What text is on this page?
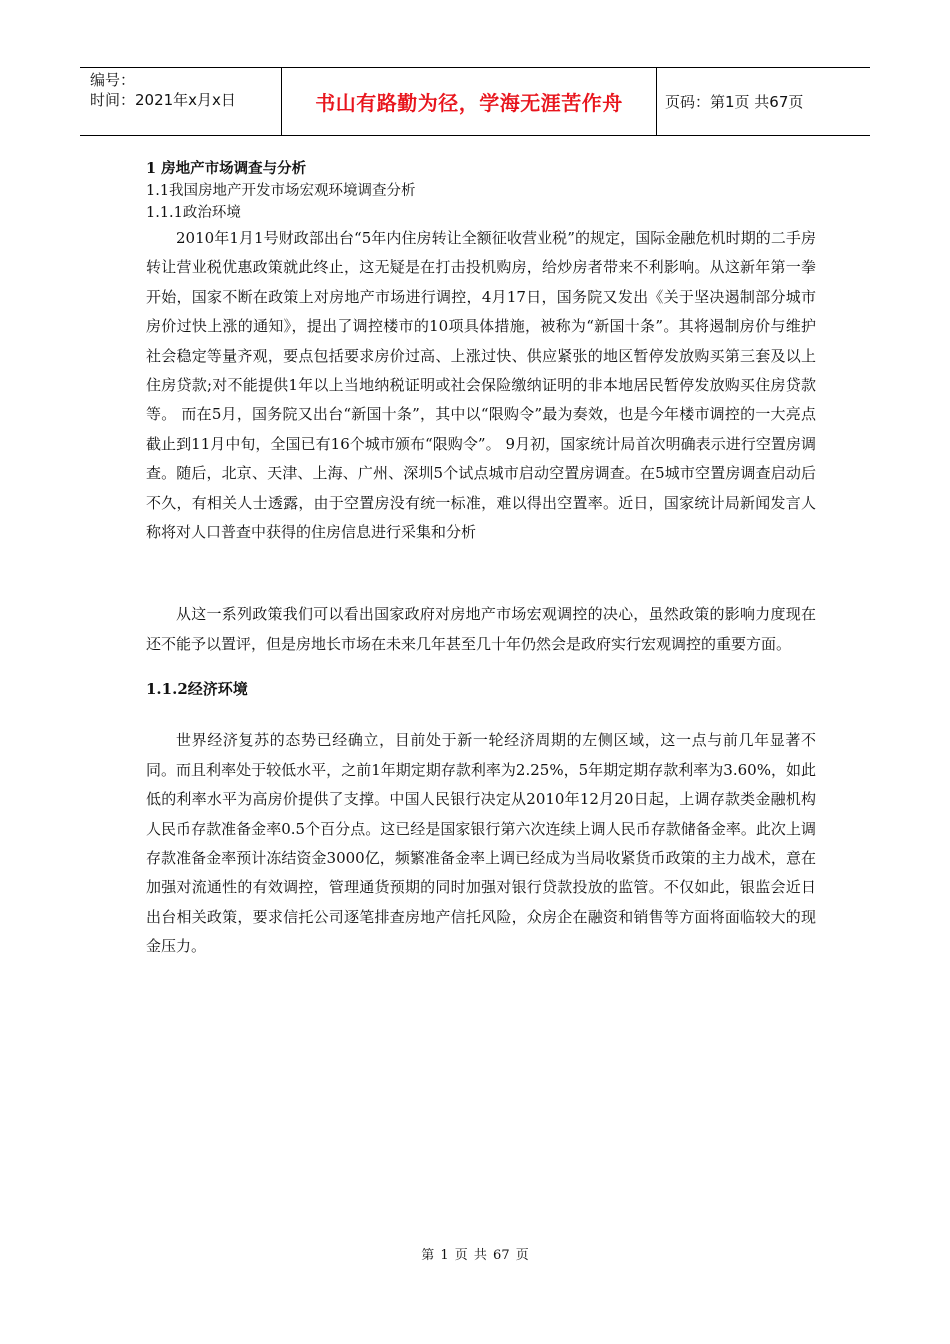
编号：
时间：2021年x月x日	书山有路勤为径，学海无涯苦作舟	页码：第1页 共67页

1 房地产市场调查与分析

1.1我国房地产开发市场宏观环境调查分析

1.1.1政治环境

2010年1月1号财政部出台“5年内住房转让全额征收营业税”的规定，国际金融危机时期的二手房转让营业税优惠政策就此终止，这无疑是在打击投机购房，给炒房者带来不利影响。从这新年第一拳开始，国家不断在政策上对房地产市场进行调控，4月17日，国务院又发出《关于坚决遏制部分城市房价过快上涨的通知》，提出了调控楼市的10项具体措施，被称为“新国十条”。其将遏制房价与维护社会稳定等量齐观，要点包括要求房价过高、上涨过快、供应紧张的地区暂停发放购买第三套及以上住房贷款;对不能提供1年以上当地纳税证明或社会保险缴纳证明的非本地居民暂停发放购买住房贷款等。 而在5月，国务院又出台“新国十条”，其中以“限购令”最为奏效，也是今年楼市调控的一大亮点截止到11月中旬，全国已有16个城市颁布“限购令”。 9月初，国家统计局首次明确表示进行空置房调查。随后，北京、天津、上海、广州、深圳5个试点城市启动空置房调查。在5城市空置房调查启动后不久，有相关人士透露，由于空置房没有统一标准，难以得出空置率。近日，国家统计局新闻发言人称将对人口普查中获得的住房信息进行采集和分析

从这一系列政策我们可以看出国家政府对房地产市场宏观调控的决心，虽然政策的影响力度现在还不能予以置评，但是房地长市场在未来几年甚至几十年仍然会是政府实行宏观调控的重要方面。

1.1.2经济环境

世界经济复苏的态势已经确立，目前处于新一轮经济周期的左侧区域，这一点与前几年显著不同。而且利率处于较低水平，之前1年期定期存款利率为2.25%，5年期定期存款利率为3.60%，如此低的利率水平为高房价提供了支撑。中国人民银行决定从2010年12月20日起，上调存款类金融机构人民币存款准备金率0.5个百分点。这已经是国家银行第六次连续上调人民币存款储备金率。此次上调存款准备金率预计冻结资金3000亿，频繁准备金率上调已经成为当局收紧货币政策的主力战术，意在加强对流通性的有效调控，管理通货预期的同时加强对银行贷款投放的监管。不仅如此，银监会近日出台相关政策，要求信托公司逐笔排查房地产信托风险，众房企在融资和销售等方面将面临较大的现金压力。

第 1 页 共 67 页
